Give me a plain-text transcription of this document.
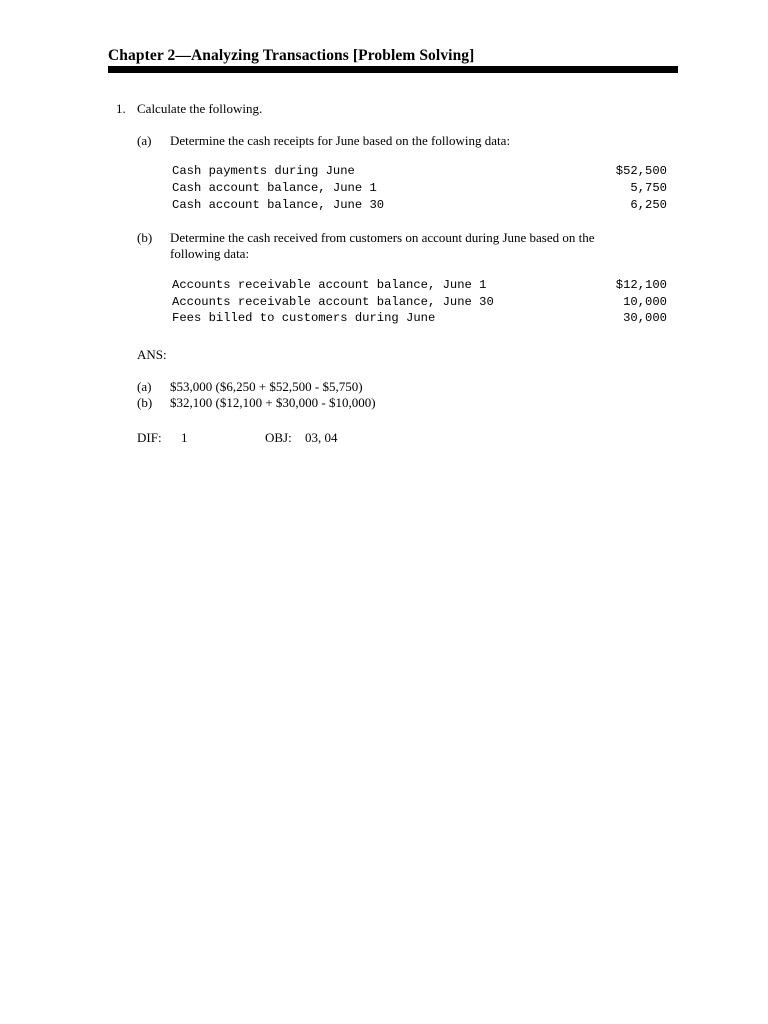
Chapter 2—Analyzing Transactions [Problem Solving]
1. Calculate the following.
(a) Determine the cash receipts for June based on the following data:
Cash payments during June	$52,500
Cash account balance, June 1	5,750
Cash account balance, June 30	6,250
(b) Determine the cash received from customers on account during June based on the
following data:
Accounts receivable account balance, June 1	$12,100
Accounts receivable account balance, June 30	10,000
Fees billed to customers during June	30,000
ANS:
(a) $53,000 ($6,250 + $52,500 - $5,750)
(b) $32,100 ($12,100 + $30,000 - $10,000)
DIF: 1	OBJ: 03, 04
